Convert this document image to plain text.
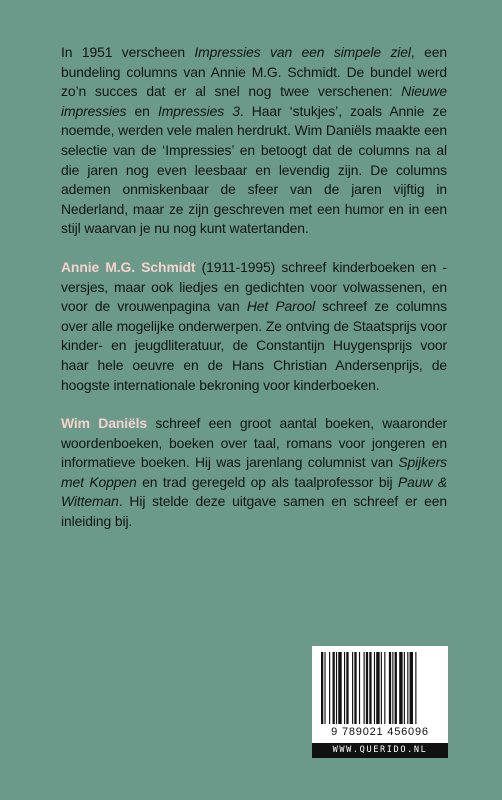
In 1951 verscheen Impressies van een simpele ziel, een bundeling columns van Annie M.G. Schmidt. De bundel werd zo’n succes dat er al snel nog twee verschenen: Nieuwe impressies en Impressies 3. Haar ‘stukjes’, zoals Annie ze noemde, werden vele malen herdrukt. Wim Daniëls maakte een selectie van de ‘Impressies’ en betoogt dat de columns na al die jaren nog even leesbaar en levendig zijn. De columns ademen onmiskenbaar de sfeer van de jaren vijftig in Nederland, maar ze zijn geschreven met een humor en in een stijl waarvan je nu nog kunt watertanden.

Annie M.G. Schmidt (1911-1995) schreef kinderboeken en -versjes, maar ook liedjes en gedichten voor volwassenen, en voor de vrouwenpagina van Het Parool schreef ze columns over alle mogelijke onderwerpen. Ze ontving de Staatsprijs voor kinder- en jeugdliteratuur, de Constantijn Huygensprijs voor haar hele oeuvre en de Hans Christian Andersenprijs, de hoogste internationale bekroning voor kinderboeken.

Wim Daniëls schreef een groot aantal boeken, waaronder woordenboeken, boeken over taal, romans voor jongeren en informatieve boeken. Hij was jarenlang columnist van Spijkers met Koppen en trad geregeld op als taalprofessor bij Pauw & Witteman. Hij stelde deze uitgave samen en schreef er een inleiding bij.

9 789021 456096
WWW.QUERIDO.NL
